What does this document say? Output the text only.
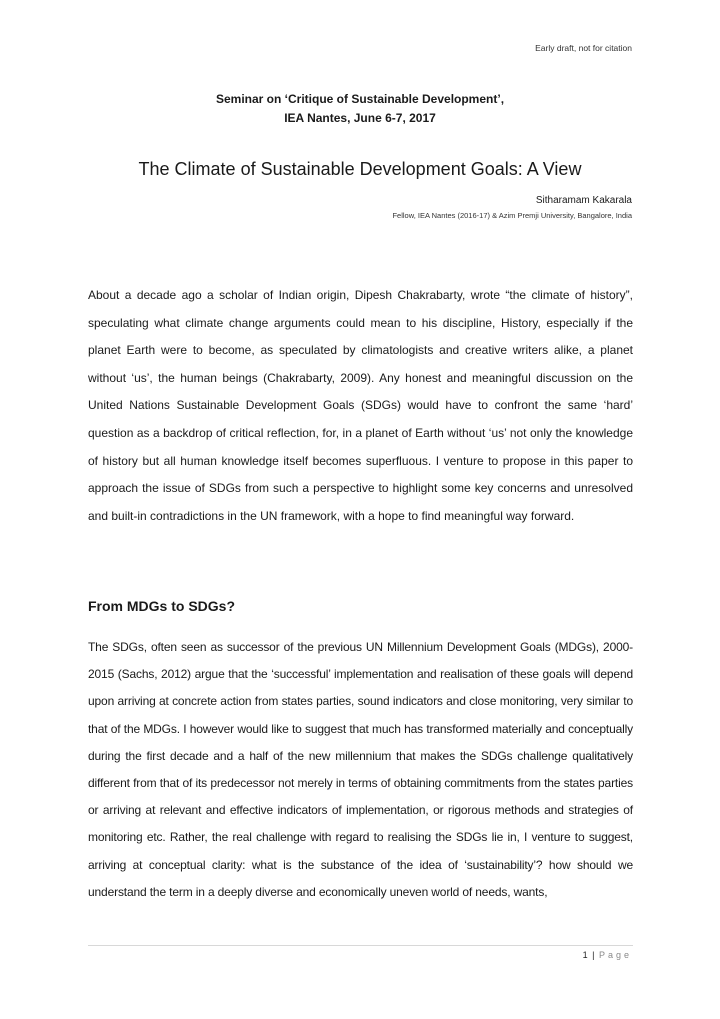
Early draft, not for citation
Seminar on ‘Critique of Sustainable Development’,
IEA Nantes, June 6-7, 2017
The Climate of Sustainable Development Goals: A View
Sitharamam Kakarala
Fellow, IEA Nantes (2016-17) & Azim Premji University, Bangalore, India

About a decade ago a scholar of Indian origin, Dipesh Chakrabarty, wrote “the climate of history”, speculating what climate change arguments could mean to his discipline, History, especially if the planet Earth were to become, as speculated by climatologists and creative writers alike, a planet without ‘us’, the human beings (Chakrabarty, 2009). Any honest and meaningful discussion on the United Nations Sustainable Development Goals (SDGs) would have to confront the same ‘hard’ question as a backdrop of critical reflection, for, in a planet of Earth without ‘us’ not only the knowledge of history but all human knowledge itself becomes superfluous. I venture to propose in this paper to approach the issue of SDGs from such a perspective to highlight some key concerns and unresolved and built-in contradictions in the UN framework, with a hope to find meaningful way forward.

From MDGs to SDGs?

The SDGs, often seen as successor of the previous UN Millennium Development Goals (MDGs), 2000-2015 (Sachs, 2012) argue that the ‘successful’ implementation and realisation of these goals will depend upon arriving at concrete action from states parties, sound indicators and close monitoring, very similar to that of the MDGs. I however would like to suggest that much has transformed materially and conceptually during the first decade and a half of the new millennium that makes the SDGs challenge qualitatively different from that of its predecessor not merely in terms of obtaining commitments from the states parties or arriving at relevant and effective indicators of implementation, or rigorous methods and strategies of monitoring etc. Rather, the real challenge with regard to realising the SDGs lie in, I venture to suggest, arriving at conceptual clarity: what is the substance of the idea of ‘sustainability’? how should we understand the term in a deeply diverse and economically uneven world of needs, wants,

1 | Page
